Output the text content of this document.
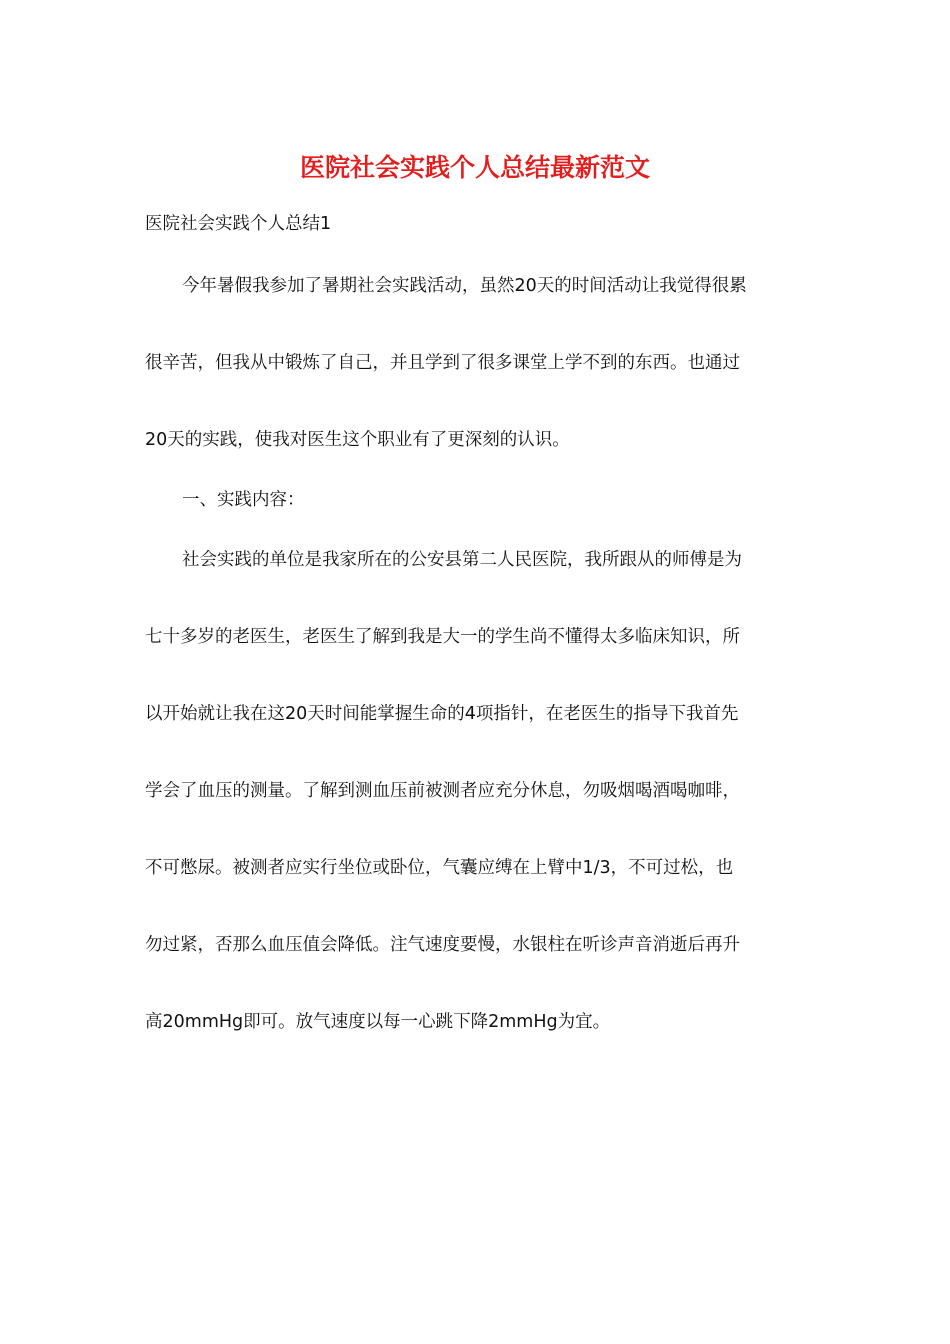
医院社会实践个人总结最新范文
医院社会实践个人总结1
今年暑假我参加了暑期社会实践活动，虽然20天的时间活动让我觉得很累
很辛苦，但我从中锻炼了自己，并且学到了很多课堂上学不到的东西。也通过
20天的实践，使我对医生这个职业有了更深刻的认识。
一、实践内容：
社会实践的单位是我家所在的公安县第二人民医院，我所跟从的师傅是为
七十多岁的老医生，老医生了解到我是大一的学生尚不懂得太多临床知识，所
以开始就让我在这20天时间能掌握生命的4项指针，在老医生的指导下我首先
学会了血压的测量。了解到测血压前被测者应充分休息，勿吸烟喝酒喝咖啡，
不可憋尿。被测者应实行坐位或卧位，气囊应缚在上臂中1/3，不可过松，也
勿过紧，否那么血压值会降低。注气速度要慢，水银柱在听诊声音消逝后再升
高20mmHg即可。放气速度以每一心跳下降2mmHg为宜。
